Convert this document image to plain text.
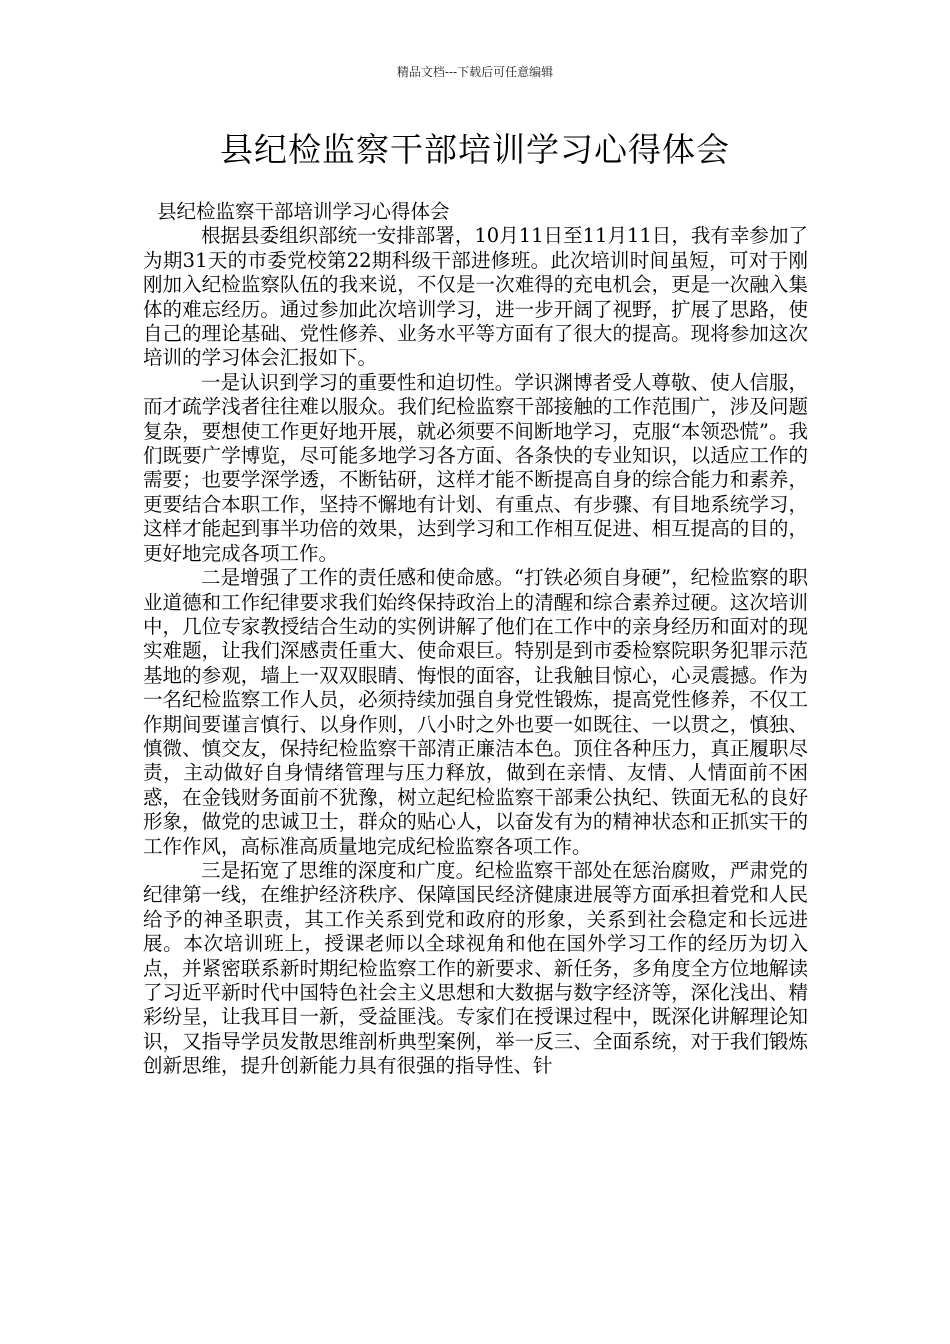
精品文档---下载后可任意编辑
县纪检监察干部培训学习心得体会

县纪检监察干部培训学习心得体会

根据县委组织部统一安排部署，10月11日至11月11日，我有幸参加了为期31天的市委党校第22期科级干部进修班。此次培训时间虽短，可对于刚刚加入纪检监察队伍的我来说，不仅是一次难得的充电机会，更是一次融入集体的难忘经历。通过参加此次培训学习，进一步开阔了视野，扩展了思路，使自己的理论基础、党性修养、业务水平等方面有了很大的提高。现将参加这次培训的学习体会汇报如下。

一是认识到学习的重要性和迫切性。学识渊博者受人尊敬、使人信服，而才疏学浅者往往难以服众。我们纪检监察干部接触的工作范围广，涉及问题复杂，要想使工作更好地开展，就必须要不间断地学习，克服“本领恐慌”。我们既要广学博览，尽可能多地学习各方面、各条快的专业知识，以适应工作的需要；也要学深学透，不断钻研，这样才能不断提高自身的综合能力和素养，更要结合本职工作，坚持不懈地有计划、有重点、有步骤、有目地系统学习，这样才能起到事半功倍的效果，达到学习和工作相互促进、相互提高的目的，更好地完成各项工作。

二是增强了工作的责任感和使命感。“打铁必须自身硬”，纪检监察的职业道德和工作纪律要求我们始终保持政治上的清醒和综合素养过硬。这次培训中，几位专家教授结合生动的实例讲解了他们在工作中的亲身经历和面对的现实难题，让我们深感责任重大、使命艰巨。特别是到市委检察院职务犯罪示范基地的参观，墙上一双双眼睛、悔恨的面容，让我触目惊心，心灵震撼。作为一名纪检监察工作人员，必须持续加强自身党性锻炼，提高党性修养，不仅工作期间要谨言慎行、以身作则，八小时之外也要一如既往、一以贯之，慎独、慎微、慎交友，保持纪检监察干部清正廉洁本色。顶住各种压力，真正履职尽责，主动做好自身情绪管理与压力释放，做到在亲情、友情、人情面前不困惑，在金钱财务面前不犹豫，树立起纪检监察干部秉公执纪、铁面无私的良好形象，做党的忠诚卫士，群众的贴心人，以奋发有为的精神状态和正抓实干的工作作风，高标准高质量地完成纪检监察各项工作。

三是拓宽了思维的深度和广度。纪检监察干部处在惩治腐败，严肃党的纪律第一线，在维护经济秩序、保障国民经济健康进展等方面承担着党和人民给予的神圣职责，其工作关系到党和政府的形象，关系到社会稳定和长远进展。本次培训班上，授课老师以全球视角和他在国外学习工作的经历为切入点，并紧密联系新时期纪检监察工作的新要求、新任务，多角度全方位地解读了习近平新时代中国特色社会主义思想和大数据与数字经济等，深化浅出、精彩纷呈，让我耳目一新，受益匪浅。专家们在授课过程中，既深化讲解理论知识，又指导学员发散思维剖析典型案例，举一反三、全面系统，对于我们锻炼创新思维，提升创新能力具有很强的指导性、针
